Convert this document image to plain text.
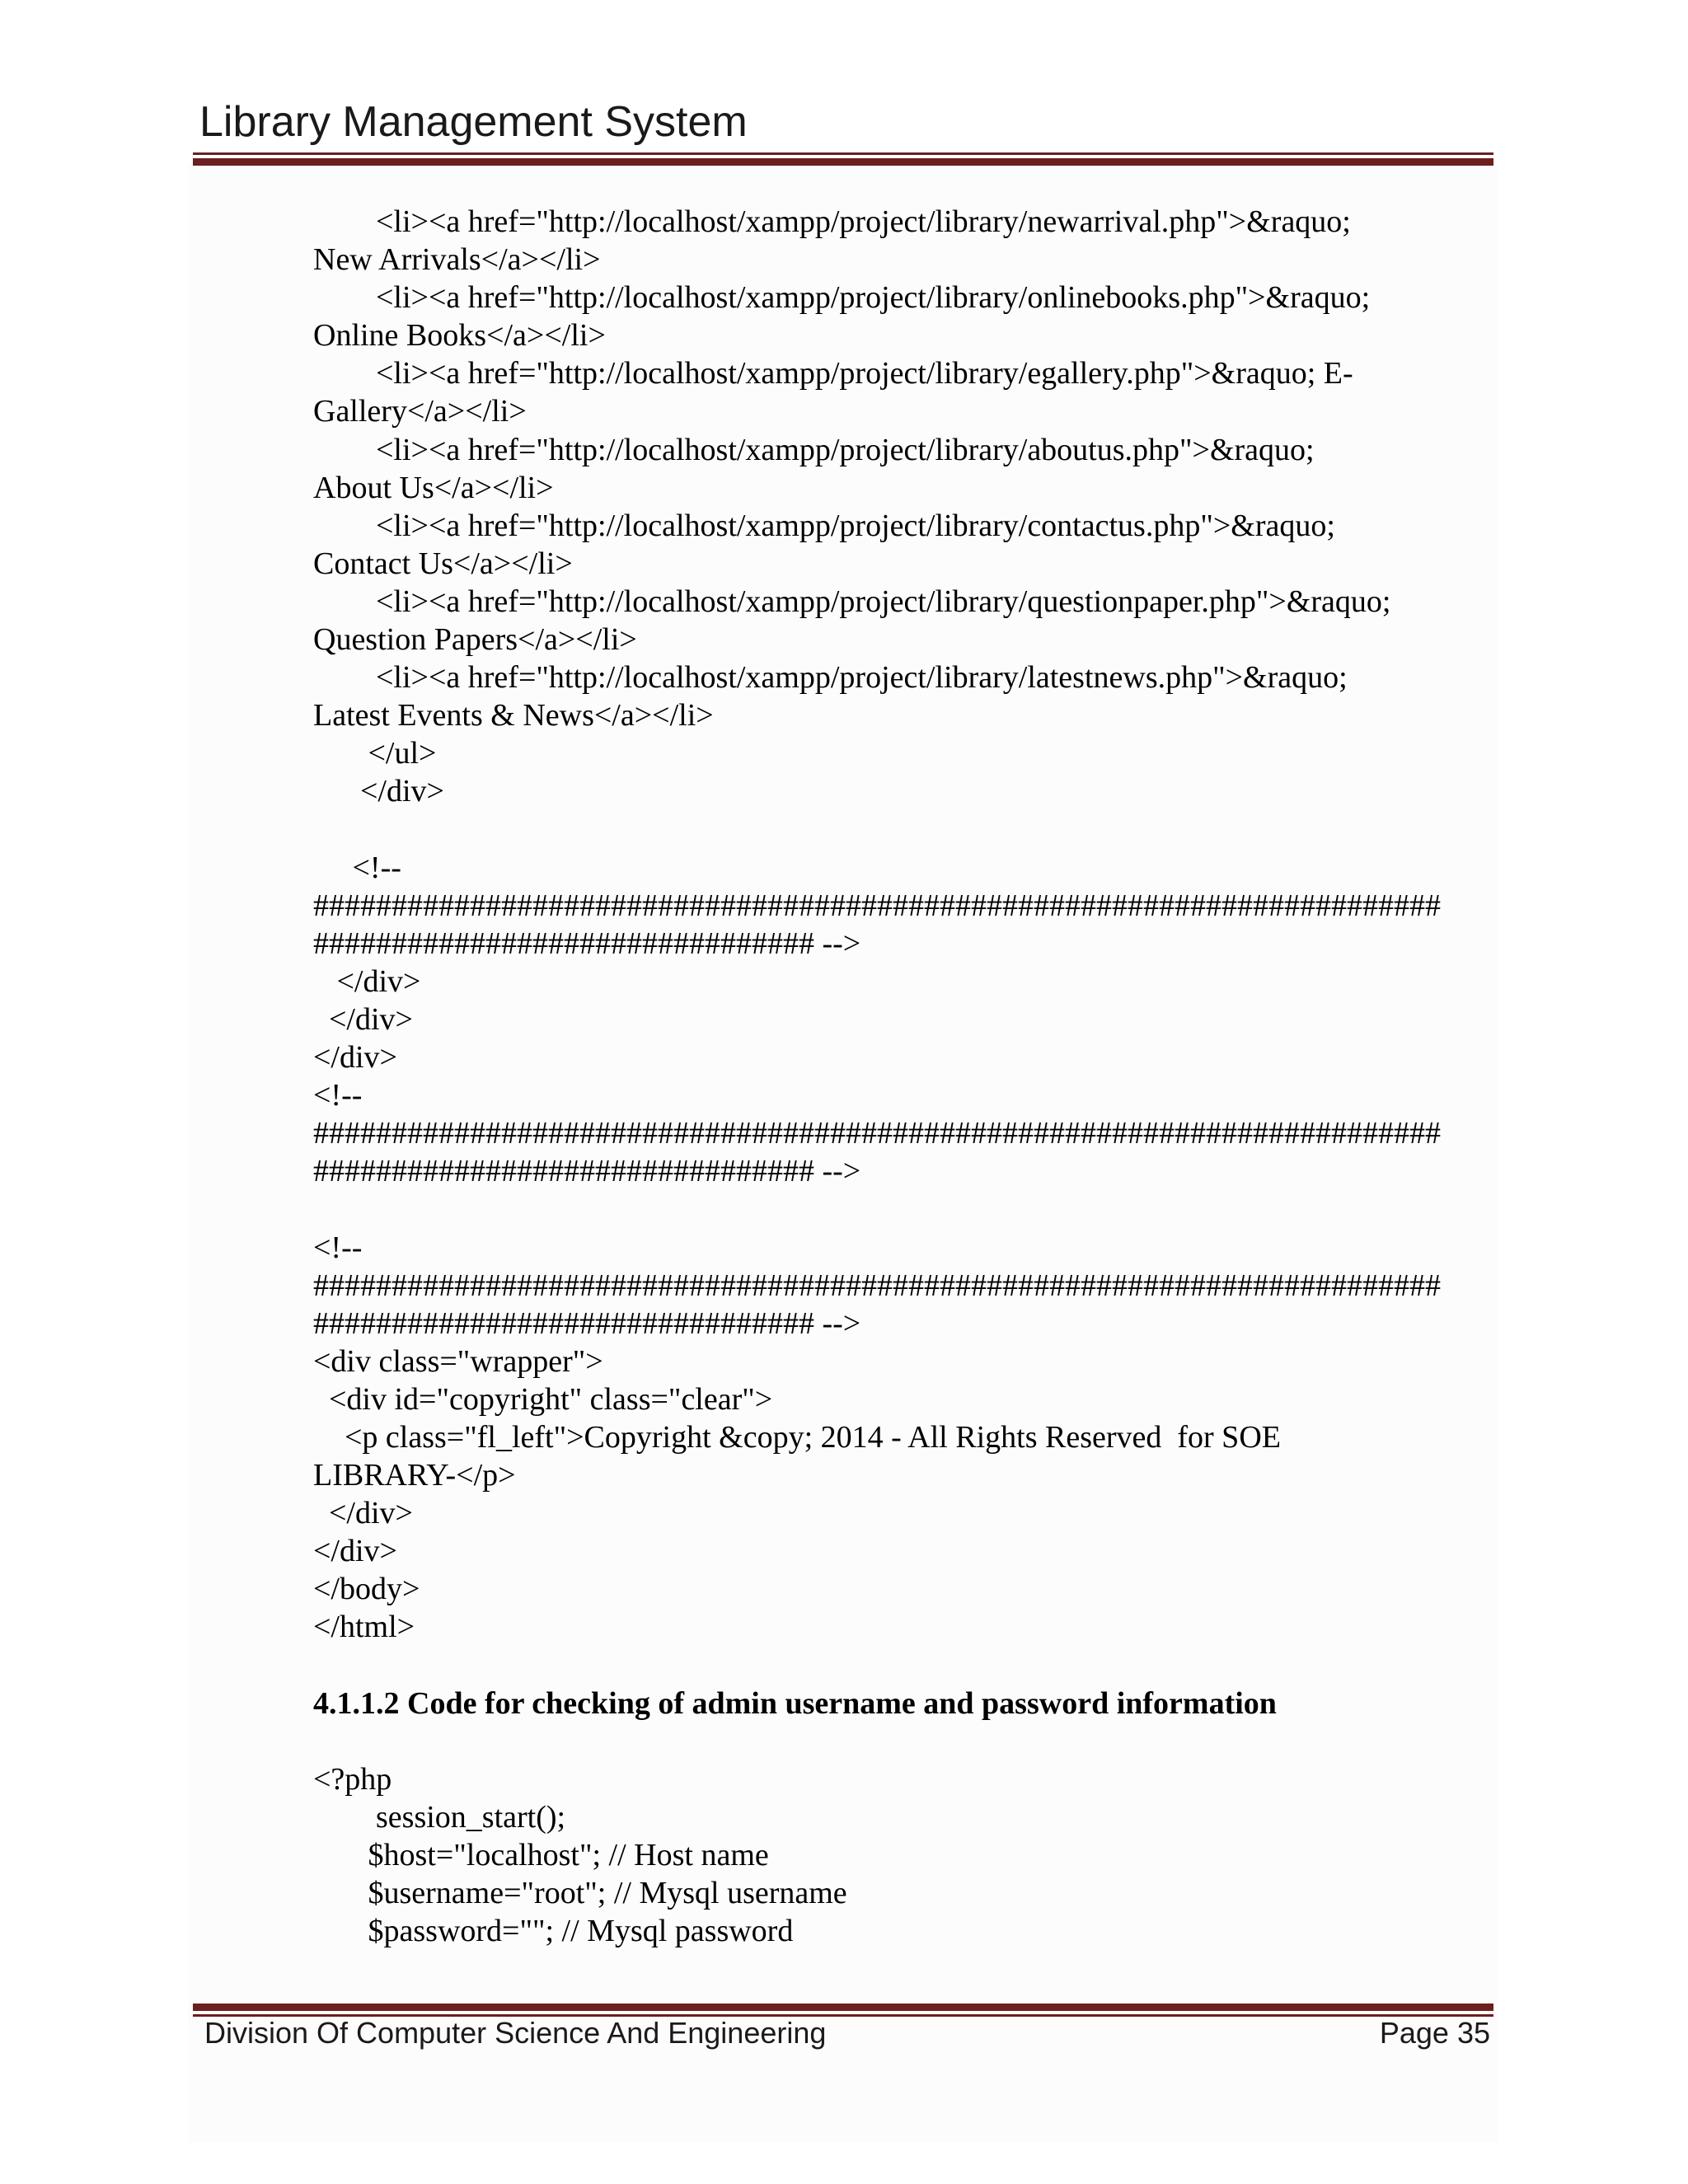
Library Management System
<li><a href="http://localhost/xampp/project/library/newarrival.php">&raquo;
New Arrivals</a></li>
<li><a href="http://localhost/xampp/project/library/onlinebooks.php">&raquo;
Online Books</a></li>
<li><a href="http://localhost/xampp/project/library/egallery.php">&raquo; E-
Gallery</a></li>
<li><a href="http://localhost/xampp/project/library/aboutus.php">&raquo;
About Us</a></li>
<li><a href="http://localhost/xampp/project/library/contactus.php">&raquo;
Contact Us</a></li>
<li><a href="http://localhost/xampp/project/library/questionpaper.php">&raquo;
Question Papers</a></li>
<li><a href="http://localhost/xampp/project/library/latestnews.php">&raquo;
Latest Events & News</a></li>
</ul>
</div>
<!--
########################################################################
################################ -->
</div>
</div>
</div>
<!--
########################################################################
################################ -->
<!--
########################################################################
################################ -->
<div class="wrapper">
<div id="copyright" class="clear">
<p class="fl_left">Copyright &copy; 2014 - All Rights Reserved  for SOE
LIBRARY-</p>
</div>
</div>
</body>
</html>
4.1.1.2 Code for checking of admin username and password information
<?php
session_start();
$host="localhost"; // Host name
$username="root"; // Mysql username
$password=""; // Mysql password
Division Of Computer Science And Engineering	Page 35
